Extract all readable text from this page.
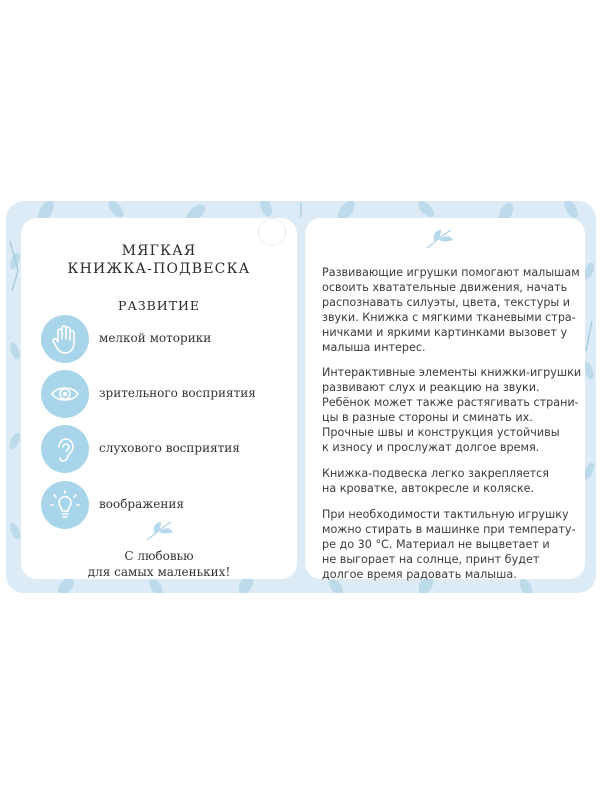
МЯГКАЯ
КНИЖКА-ПОДВЕСКА
РАЗВИТИЕ
мелкой моторики
зрительного восприятия
слухового восприятия
воображения
С любовью
для самых маленьких!
Развивающие игрушки помогают малышам
освоить хватательные движения, начать
распознавать силуэты, цвета, текстуры и
звуки. Книжка с мягкими тканевыми стра-
ничками и яркими картинками вызовет у
малыша интерес.
Интерактивные элементы книжки-игрушки
развивают слух и реакцию на звуки.
Ребёнок может также растягивать страни-
цы в разные стороны и сминать их.
Прочные швы и конструкция устойчивы
к износу и прослужат долгое время.
Книжка-подвеска легко закрепляется
на кроватке, автокресле и коляске.
При необходимости тактильную игрушку
можно стирать в машинке при температу-
ре до 30 °С. Материал не выцветает и
не выгорает на солнце, принт будет
долгое время радовать малыша.
